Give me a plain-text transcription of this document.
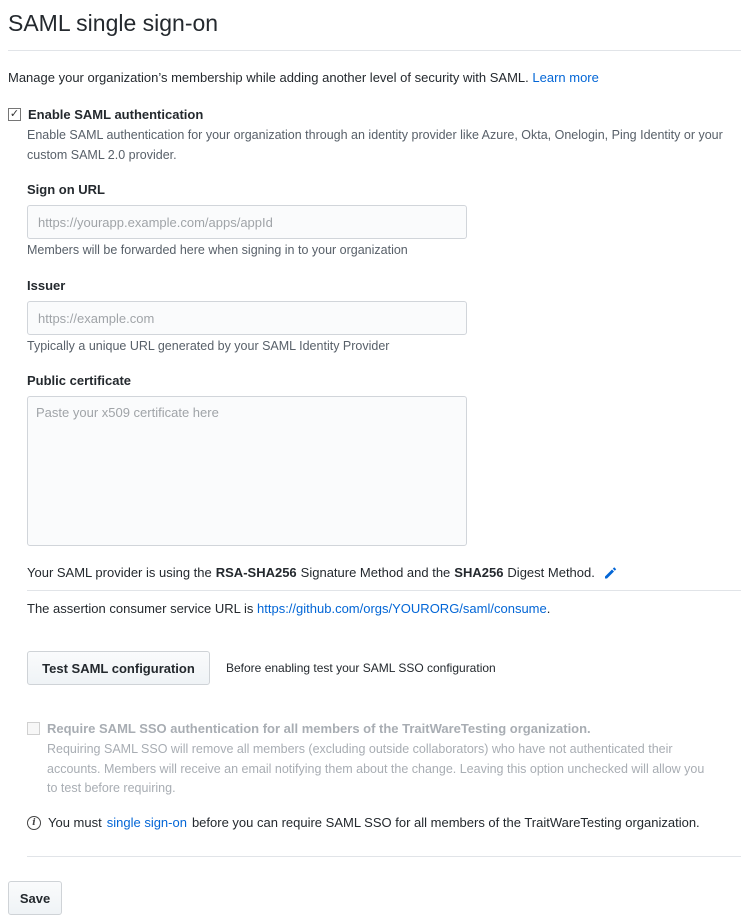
SAML single sign-on
Manage your organization’s membership while adding another level of security with SAML. Learn more
✓ Enable SAML authentication
Enable SAML authentication for your organization through an identity provider like Azure, Okta, Onelogin, Ping Identity or your custom SAML 2.0 provider.
Sign on URL
https://yourapp.example.com/apps/appId
Members will be forwarded here when signing in to your organization
Issuer
https://example.com
Typically a unique URL generated by your SAML Identity Provider
Public certificate
Paste your x509 certificate here
Your SAML provider is using the RSA-SHA256 Signature Method and the SHA256 Digest Method.
The assertion consumer service URL is https://github.com/orgs/YOURORG/saml/consume.
Test SAML configuration	Before enabling test your SAML SSO configuration
Require SAML SSO authentication for all members of the TraitWareTesting organization.
Requiring SAML SSO will remove all members (excluding outside collaborators) who have not authenticated their
accounts. Members will receive an email notifying them about the change. Leaving this option unchecked will allow you
to test before requiring.
i You must single sign-on before you can require SAML SSO for all members of the TraitWareTesting organization.
Save
